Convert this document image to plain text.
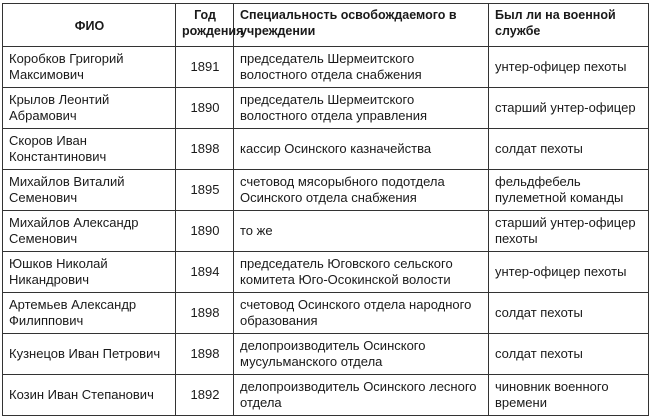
ФИО	Год рождения	Специальность освобождаемого в учреждении	Был ли на военной службе
Коробков Григорий Максимович	1891	председатель Шермеитского волостного отдела снабжения	унтер-офицер пехоты
Крылов Леонтий Абрамович	1890	председатель Шермеитского волостного отдела управления	старший унтер-офицер
Скоров Иван Константинович	1898	кассир Осинского казначейства	солдат пехоты
Михайлов Виталий Семенович	1895	счетовод мясорыбного подотдела Осинского отдела снабжения	фельдфебель пулеметной команды
Михайлов Александр Семенович	1890	то же	старший унтер-офицер пехоты
Юшков Николай Никандрович	1894	председатель Юговского сельского комитета Юго-Осокинской волости	унтер-офицер пехоты
Артемьев Александр Филиппович	1898	счетовод Осинского отдела народного образования	солдат пехоты
Кузнецов Иван Петрович	1898	делопроизводитель Осинского мусульманского отдела	солдат пехоты
Козин Иван Степанович	1892	делопроизводитель Осинского лесного отдела	чиновник военного времени
